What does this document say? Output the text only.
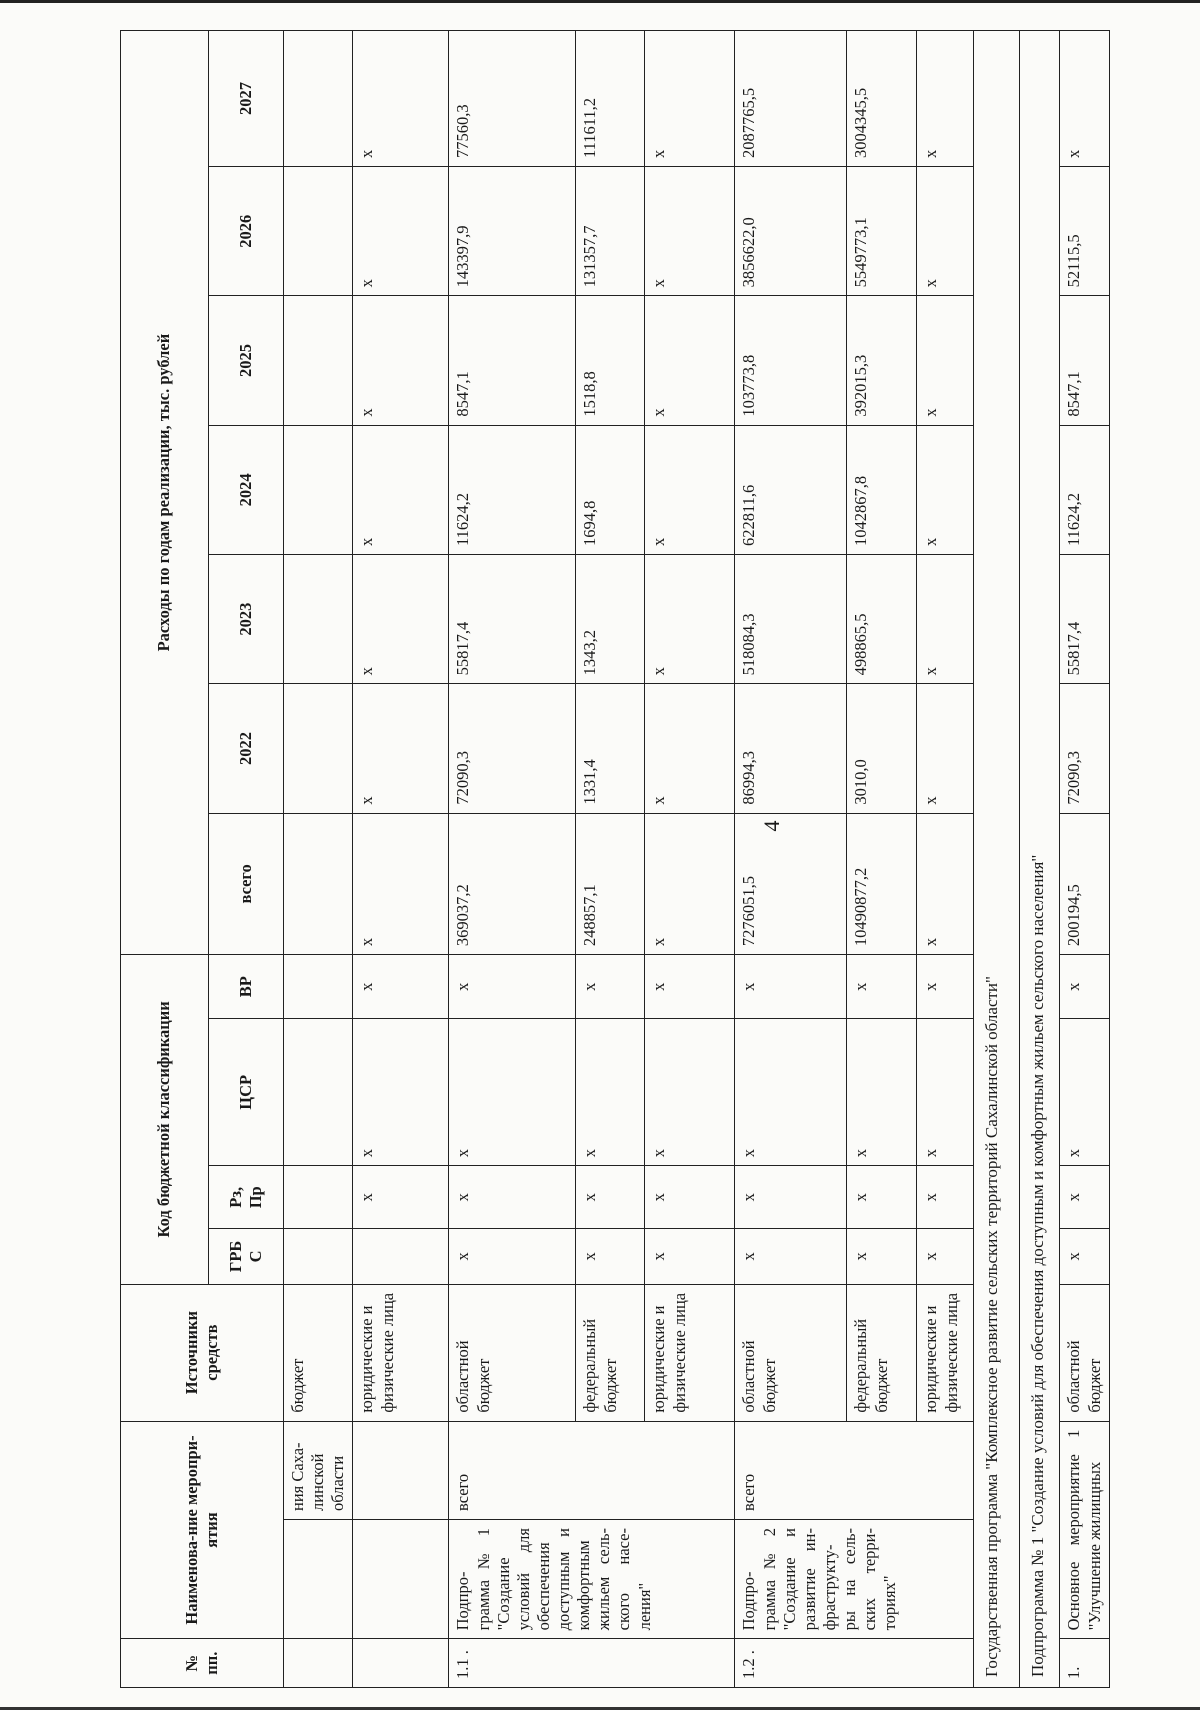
4
№ пп.	Наименова-ние меропри-ятия		Источники средств	Код бюджетной классификации				Расходы по годам реализации, тыс. рублей						
				ГРБ С	Рз, Пр	ЦСР	ВР	всего	2022	2023	2024	2025	2026	2027
		ния Саха-линской области	бюджет											
			юридические и физические лица		x	x	x	x	x	x	x	x	x	x
1.1 .	Подпро-грамма № 1 "Создание условий для обеспечения доступным и комфортным жильем сель-ского насе-ления"	всего	областной бюджет	x	x	x	x	369037,2	72090,3	55817,4	11624,2	8547,1	143397,9	77560,3
			федеральный бюджет	x	x	x	x	248857,1	1331,4	1343,2	1694,8	1518,8	131357,7	111611,2
			юридические и физические лица	x	x	x	x	x	x	x	x	x	x	x
1.2 .	Подпро-грамма № 2 "Создание и развитие ин-фраструкту-ры на сель-ских терри-ториях"	всего	областной бюджет	x	x	x	x	7276051,5	86994,3	518084,3	622811,6	103773,8	3856622,0	2087765,5
			федеральный бюджет	x	x	x	x	10490877,2	3010,0	498865,5	1042867,8	392015,3	5549773,1	3004345,5
			юридические и физические лица	x	x	x	x	x	x	x	x	x	x	x
Государственная программа "Комплексное развитие сельских территорий Сахалинской области"														
Подпрограмма № 1 "Создание условий для обеспечения доступным и комфортным жильем сельского населения"														
1.	Основное мероприятие 1 "Улучшение жилищных		областной бюджет	x	x	x	x	200194,5	72090,3	55817,4	11624,2	8547,1	52115,5	x
